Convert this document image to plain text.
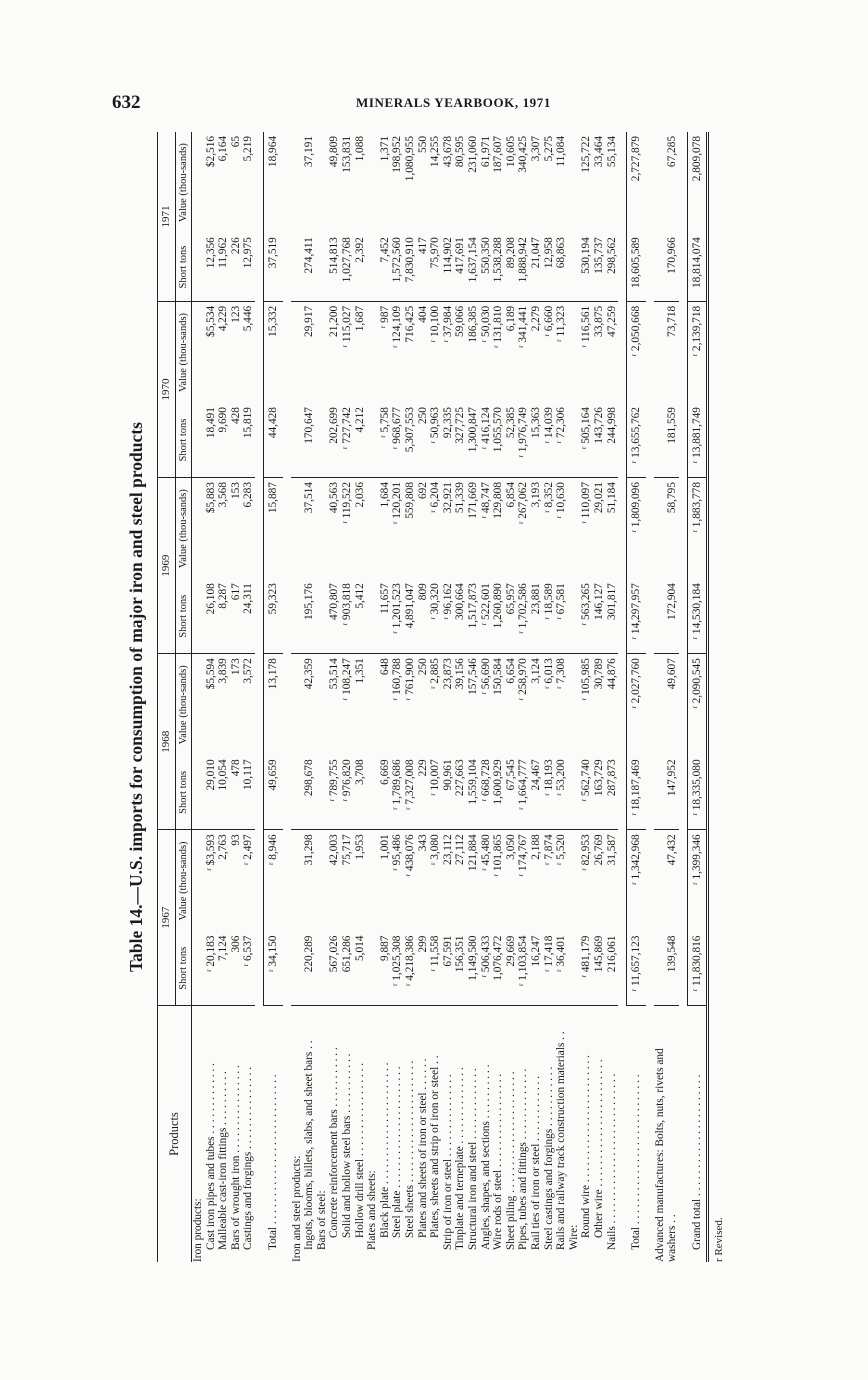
632	MINERALS YEARBOOK, 1971
Table 14.—U.S. imports for consumption of major iron and steel products
Products	1967		1968		1969		1970		1971	
	Short tons	Value (thou-sands)	Short tons	Value (thou-sands)	Short tons	Value (thou-sands)	Short tons	Value (thou-sands)	Short tons	Value (thou-sands)
Iron products:										
Cast iron pipes and tubes . . . . . . . . . . . . .	ʳ 20,183	ʳ $3,593	29,010	$5,594	26,108	$5,883	18,491	$5,534	12,356	$2,516
Malleable cast-iron fittings . . . . . . . . . .	7,124	2,763	10,054	3,839	8,287	3,568	9,690	4,229	11,962	6,164
Bars of wrought iron . . . . . . . . . . . . . . . .	306	93	478	173	617	153	428	123	226	65
Castings and forgings . . . . . . . . . . . . . . .	ʳ 6,537	ʳ 2,497	10,117	3,572	24,311	6,283	15,819	5,446	12,975	5,219

Total . . . . . . . . . . . . . . . . . . . . . . . . . . .	ʳ 34,150	ʳ 8,946	49,659	13,178	59,323	15,887	44,428	15,332	37,519	18,964

Iron and steel products:										
Ingots, blooms, billets, slabs, and sheet bars . .	220,289	31,298	298,678	42,359	195,176	37,514	170,647	29,917	274,411	37,191
Bars of steel:										
Concrete reinforcement bars . . . . . . . . . . .	567,026	42,003	ʳ 789,755	53,514	470,807	40,563	202,699	21,200	514,813	49,809
Solid and hollow steel bars . . . . . . . . . . .	651,286	75,717	ʳ 976,820	ʳ 108,247	ʳ 903,818	ʳ 119,522	ʳ 727,742	ʳ 115,027	1,027,768	153,831
Hollow drill steel . . . . . . . . . . . . . . . . .	5,014	1,953	3,708	1,351	5,412	2,036	4,212	1,687	2,392	1,088
Plates and sheets:										
Black plate . . . . . . . . . . . . . . . . . . . . . .	9,887	1,001	6,669	648	11,657	1,684	ʳ 5,758	ʳ 987	7,452	1,371
Steel plate . . . . . . . . . . . . . . . . . . . . . .	ʳ 1,025,308	ʳ 95,486	ʳ 1,789,686	ʳ 160,788	ʳ 1,201,523	ʳ 120,201	ʳ 968,677	ʳ 124,109	1,572,560	198,952
Steel sheets . . . . . . . . . . . . . . . . . . . . . .	ʳ 4,218,386	ʳ 438,076	ʳ 7,327,008	ʳ 761,900	4,891,047	559,808	5,307,553	716,425	7,830,910	1,080,955
Plates and sheets of iron or steel . . . . . .	299	343	229	250	809	692	250	404	417	550
Plates, sheets and strip of iron or steel . .	ʳ 11,558	ʳ 3,080	ʳ 10,007	ʳ 2,885	ʳ 30,320	ʳ 6,204	ʳ 50,963	ʳ 10,100	75,970	14,255
Strip of iron or steel . . . . . . . . . . . . . . .	67,591	23,112	90,961	23,873	ʳ 96,162	32,921	92,335	ʳ 37,984	114,902	43,678
Tinplate and terneplate . . . . . . . . . . . . . .	156,351	27,112	227,663	39,156	300,664	51,339	327,725	59,066	417,691	80,595
Structural iron and steel . . . . . . . . . . . . .	1,149,580	121,884	1,559,104	157,546	1,517,873	171,669	1,300,847	186,385	1,637,154	231,060
Angles, shapes, and sections . . . . . . . . . .	ʳ 506,433	ʳ 45,480	ʳ 668,728	ʳ 56,690	ʳ 522,601	ʳ 48,747	ʳ 416,124	ʳ 50,030	550,350	61,971
Wire rods of steel . . . . . . . . . . . . . . . . .	1,076,472	ʳ 101,865	1,600,929	150,584	1,260,890	129,808	1,055,570	ʳ 131,810	1,538,288	187,607
Sheet piling . . . . . . . . . . . . . . . . . . . . . .	29,669	3,050	67,545	6,654	65,957	6,854	52,385	6,189	89,208	10,605
Pipes, tubes and fittings . . . . . . . . . . . . .	ʳ 1,103,854	ʳ 174,767	ʳ 1,664,777	ʳ 258,970	ʳ 1,702,586	ʳ 267,062	ʳ 1,976,749	ʳ 341,441	1,888,942	340,425
Rail ties of iron or steel . . . . . . . . . . . .	16,247	2,188	24,467	3,124	23,881	3,193	15,363	2,279	21,047	3,307
Steel castings and forgings . . . . . . . . . . .	ʳ 17,418	ʳ 7,874	ʳ 18,193	ʳ 6,013	ʳ 18,589	ʳ 8,352	ʳ 14,039	ʳ 6,660	12,958	5,275
Rails and railway track construction materials . .	ʳ 36,401	ʳ 5,520	ʳ 53,200	ʳ 7,308	ʳ 67,581	ʳ 10,630	ʳ 72,306	ʳ 11,323	68,863	11,084
Wire:										
Round wire . . . . . . . . . . . . . . . . . . . . . . .	ʳ 481,179	ʳ 82,953	ʳ 562,740	ʳ 105,985	ʳ 563,265	ʳ 110,097	ʳ 505,164	ʳ 116,561	530,194	125,722
Other wire . . . . . . . . . . . . . . . . . . . . . . .	145,869	26,769	163,729	30,789	146,127	29,021	143,726	33,875	135,737	33,464
Nails . . . . . . . . . . . . . . . . . . . . . . . . . . .	216,061	31,587	287,873	44,876	301,817	51,184	244,998	47,259	298,562	55,134

Total . . . . . . . . . . . . . . . . . . . . . . . . . . .	ʳ 11,657,123	ʳ 1,342,968	ʳ 18,187,469	ʳ 2,027,760	ʳ 14,297,957	ʳ 1,809,096	ʳ 13,655,762	ʳ 2,050,668	18,605,589	2,727,879

Advanced manufactures: Bolts, nuts, rivets and washers . .	139,548	47,432	147,952	49,607	172,904	58,795	181,559	73,718	170,966	67,285

Grand total . . . . . . . . . . . . . . . . . . . . . .	ʳ 11,830,816	ʳ 1,399,346	ʳ 18,335,080	ʳ 2,090,545	ʳ 14,530,184	ʳ 1,883,778	ʳ 13,881,749	ʳ 2,139,718	18,814,074	2,809,078
r Revised.
